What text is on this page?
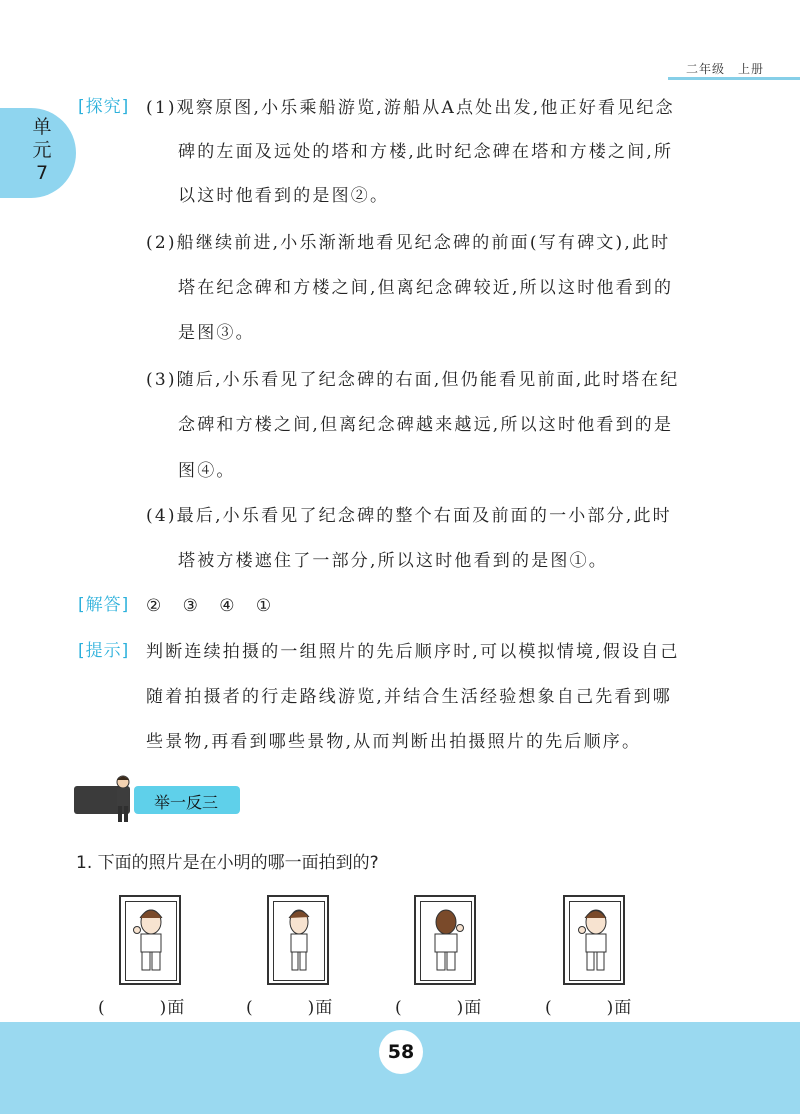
二年级　上册
单
元
7
[探究] (1)观察原图,小乐乘船游览,游船从A点处出发,他正好看见纪念
碑的左面及远处的塔和方楼,此时纪念碑在塔和方楼之间,所
以这时他看到的是图②。
(2)船继续前进,小乐渐渐地看见纪念碑的前面(写有碑文),此时
塔在纪念碑和方楼之间,但离纪念碑较近,所以这时他看到的
是图③。
(3)随后,小乐看见了纪念碑的右面,但仍能看见前面,此时塔在纪
念碑和方楼之间,但离纪念碑越来越远,所以这时他看到的是
图④。
(4)最后,小乐看见了纪念碑的整个右面及前面的一小部分,此时
塔被方楼遮住了一部分,所以这时他看到的是图①。
[解答] ②　③　④　①
[提示] 判断连续拍摄的一组照片的先后顺序时,可以模拟情境,假设自己
随着拍摄者的行走路线游览,并结合生活经验想象自己先看到哪
些景物,再看到哪些景物,从而判断出拍摄照片的先后顺序。
举一反三
1. 下面的照片是在小明的哪一面拍到的?
(　　　)面	(　　　)面	(　　　)面	(　　　)面
58
